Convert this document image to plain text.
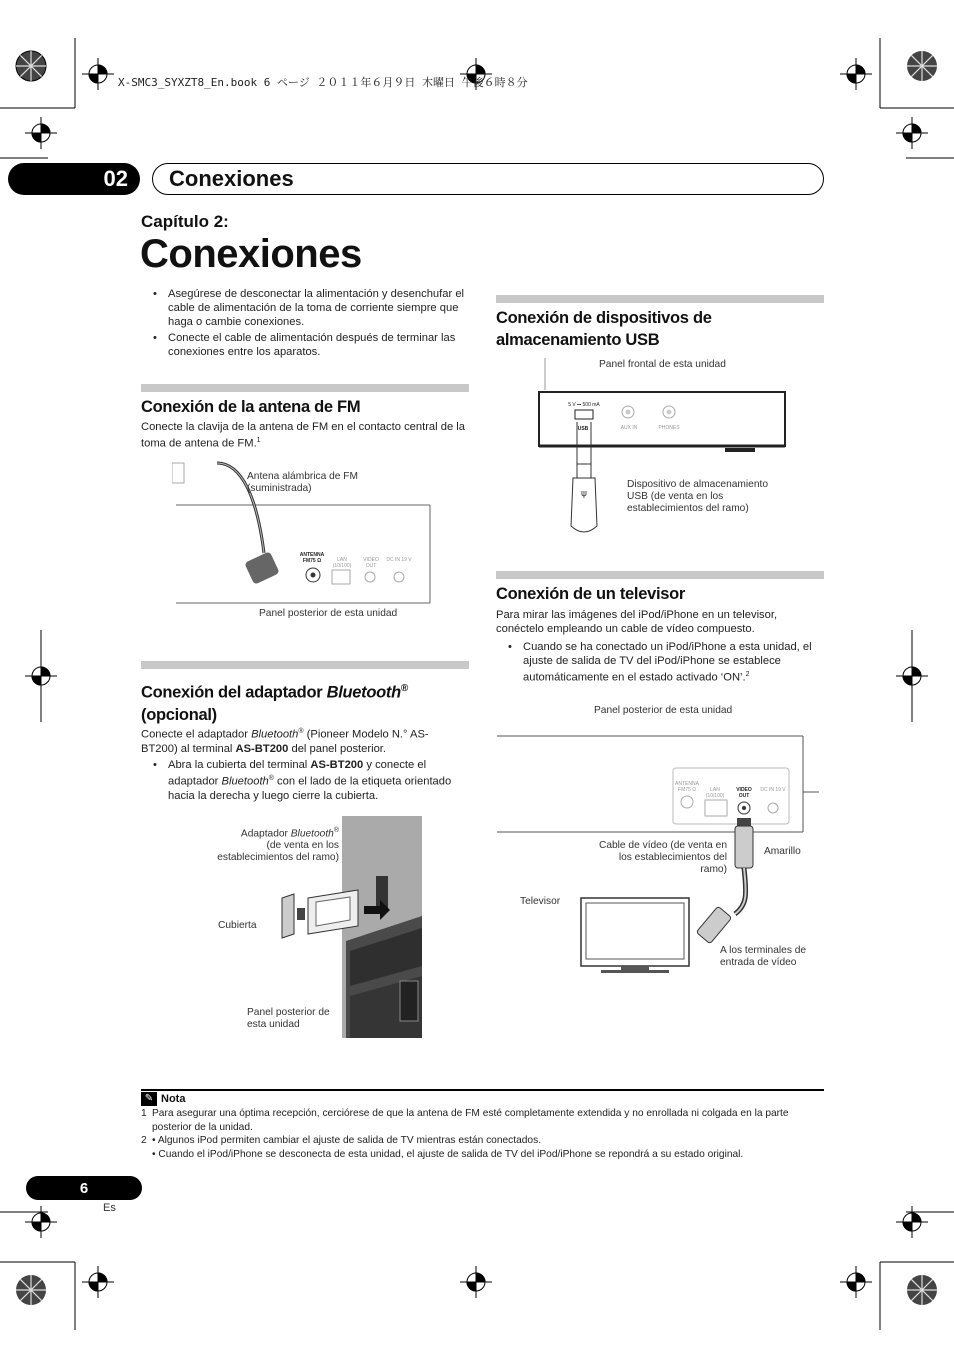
X-SMC3_SYXZT8_En.book 6 ページ ２０１１年６月９日 木曜日 午後６時８分
02	Conexiones
Capítulo 2:
Conexiones
• Asegúrese de desconectar la alimentación y desenchufar el cable de alimentación de la toma de corriente siempre que haga o cambie conexiones.
• Conecte el cable de alimentación después de terminar las conexiones entre los aparatos.
Conexión de la antena de FM
Conecte la clavija de la antena de FM en el contacto central de la toma de antena de FM.$^1$
ANTENNA FM75 Ω	LAN (10/100)
VIDEO OUT
DC IN 19 V
Antena alámbrica de FM (suministrada)
Panel posterior de esta unidad
Conexión del adaptador Bluetooth®
(opcional)
Conecte el adaptador Bluetooth® (Pioneer Modelo N.° AS-BT200) al terminal AS-BT200 del panel posterior.
• Abra la cubierta del terminal AS-BT200 y conecte el adaptador Bluetooth® con el lado de la etiqueta orientado hacia la derecha y luego cierre la cubierta.
Adaptador Bluetooth®
(de venta en los establecimientos del ramo)
Cubierta
Panel posterior de esta unidad
Conexión de dispositivos de almacenamiento USB
Panel frontal de esta unidad
ψ
5 V ⎓ 500 mA
USB	AUX IN	PHONES
Dispositivo de almacenamiento USB (de venta en los establecimientos del ramo)
Conexión de un televisor
Para mirar las imágenes del iPod/iPhone en un televisor, conéctelo empleando un cable de vídeo compuesto.
• Cuando se ha conectado un iPod/iPhone a esta unidad, el ajuste de salida de TV del iPod/iPhone se establece automáticamente en el estado activado ‘ON’.$^2$
Panel posterior de esta unidad
ANTENNA FM75 Ω	LAN (10/100)
VIDEO OUT
DC IN 19 V
Cable de vídeo (de venta en los establecimientos del ramo)
Amarillo
Televisor
A los terminales de entrada de vídeo
✎ Nota
1 Para asegurar una óptima recepción, cerciórese de que la antena de FM esté completamente extendida y no enrollada ni colgada en la parte posterior de la unidad.
2 • Algunos iPod permiten cambiar el ajuste de salida de TV mientras están conectados.
• Cuando el iPod/iPhone se desconecta de esta unidad, el ajuste de salida de TV del iPod/iPhone se repondrá a su estado original.
6
Es
